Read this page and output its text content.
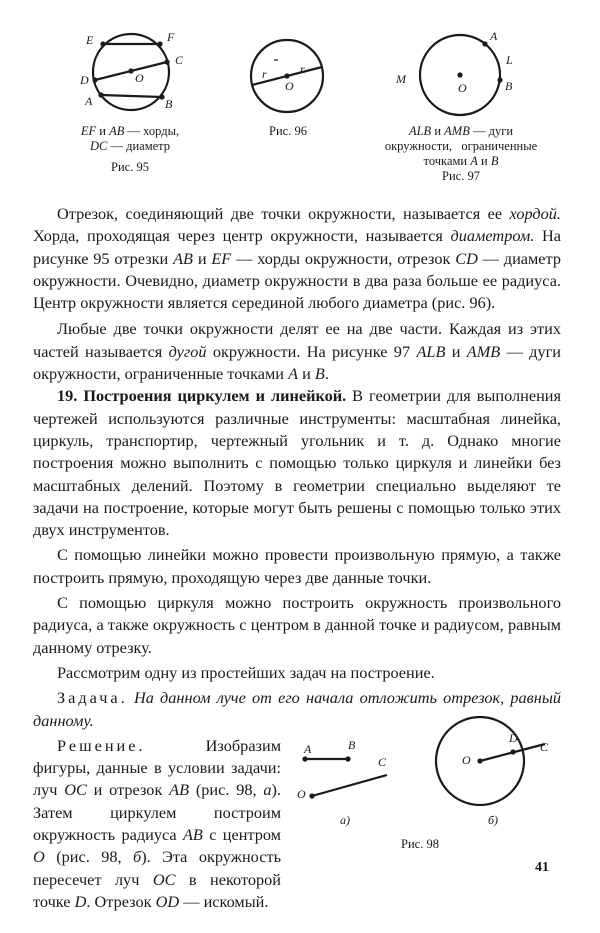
E	F
C
D	O
A	B
EF и AB — хорды,
DC — диаметр
Рис. 95
r	r
O
Рис. 96
A
L
M
O	B
ALB и AMB — дуги
окружности,   ограниченные
точками A и B
Рис. 97

Отрезок, соединяющий две точки окружности, называется ее хордой. Хорда, проходящая через центр окружности, называется диаметром. На рисунке 95 отрезки AB и EF — хорды окружности, отрезок CD — диаметр окружности. Очевидно, диаметр окружности в два раза больше ее радиуса. Центр окружности является серединой любого диаметра (рис. 96).

Любые две точки окружности делят ее на две части. Каждая из этих частей называется дугой окружности. На рисунке 97 ALB и AMB — дуги окружности, ограниченные точками A и B.

19. Построения циркулем и линейкой. В геометрии для выполнения чертежей используются различные инструменты: масштабная линейка, циркуль, транспортир, чертежный угольник и т. д. Однако многие построения можно выполнить с помощью только циркуля и линейки без масштабных делений. Поэтому в геометрии специально выделяют те задачи на построение, которые могут быть решены с помощью только этих двух инструментов.

С помощью линейки можно провести произвольную прямую, а также построить прямую, проходящую через две данные точки.

С помощью циркуля можно построить окружность произвольного радиуса, а также окружность с центром в данной точке и радиусом, равным данному отрезку.

Рассмотрим одну из простейших задач на построение.

Задача. На данном луче от его начала отложить отрезок, равный данному.

Решение. Изобразим фигуры, данные в условии задачи: луч OC и отрезок AB (рис. 98, а). Затем циркулем построим окружность радиуса AB с центром O (рис. 98, б). Эта окружность пересечет луч OC в некоторой точке D. Отрезок OD — искомый.

A	B
C
O
а)
O
D
C
б)
Рис. 98
41
